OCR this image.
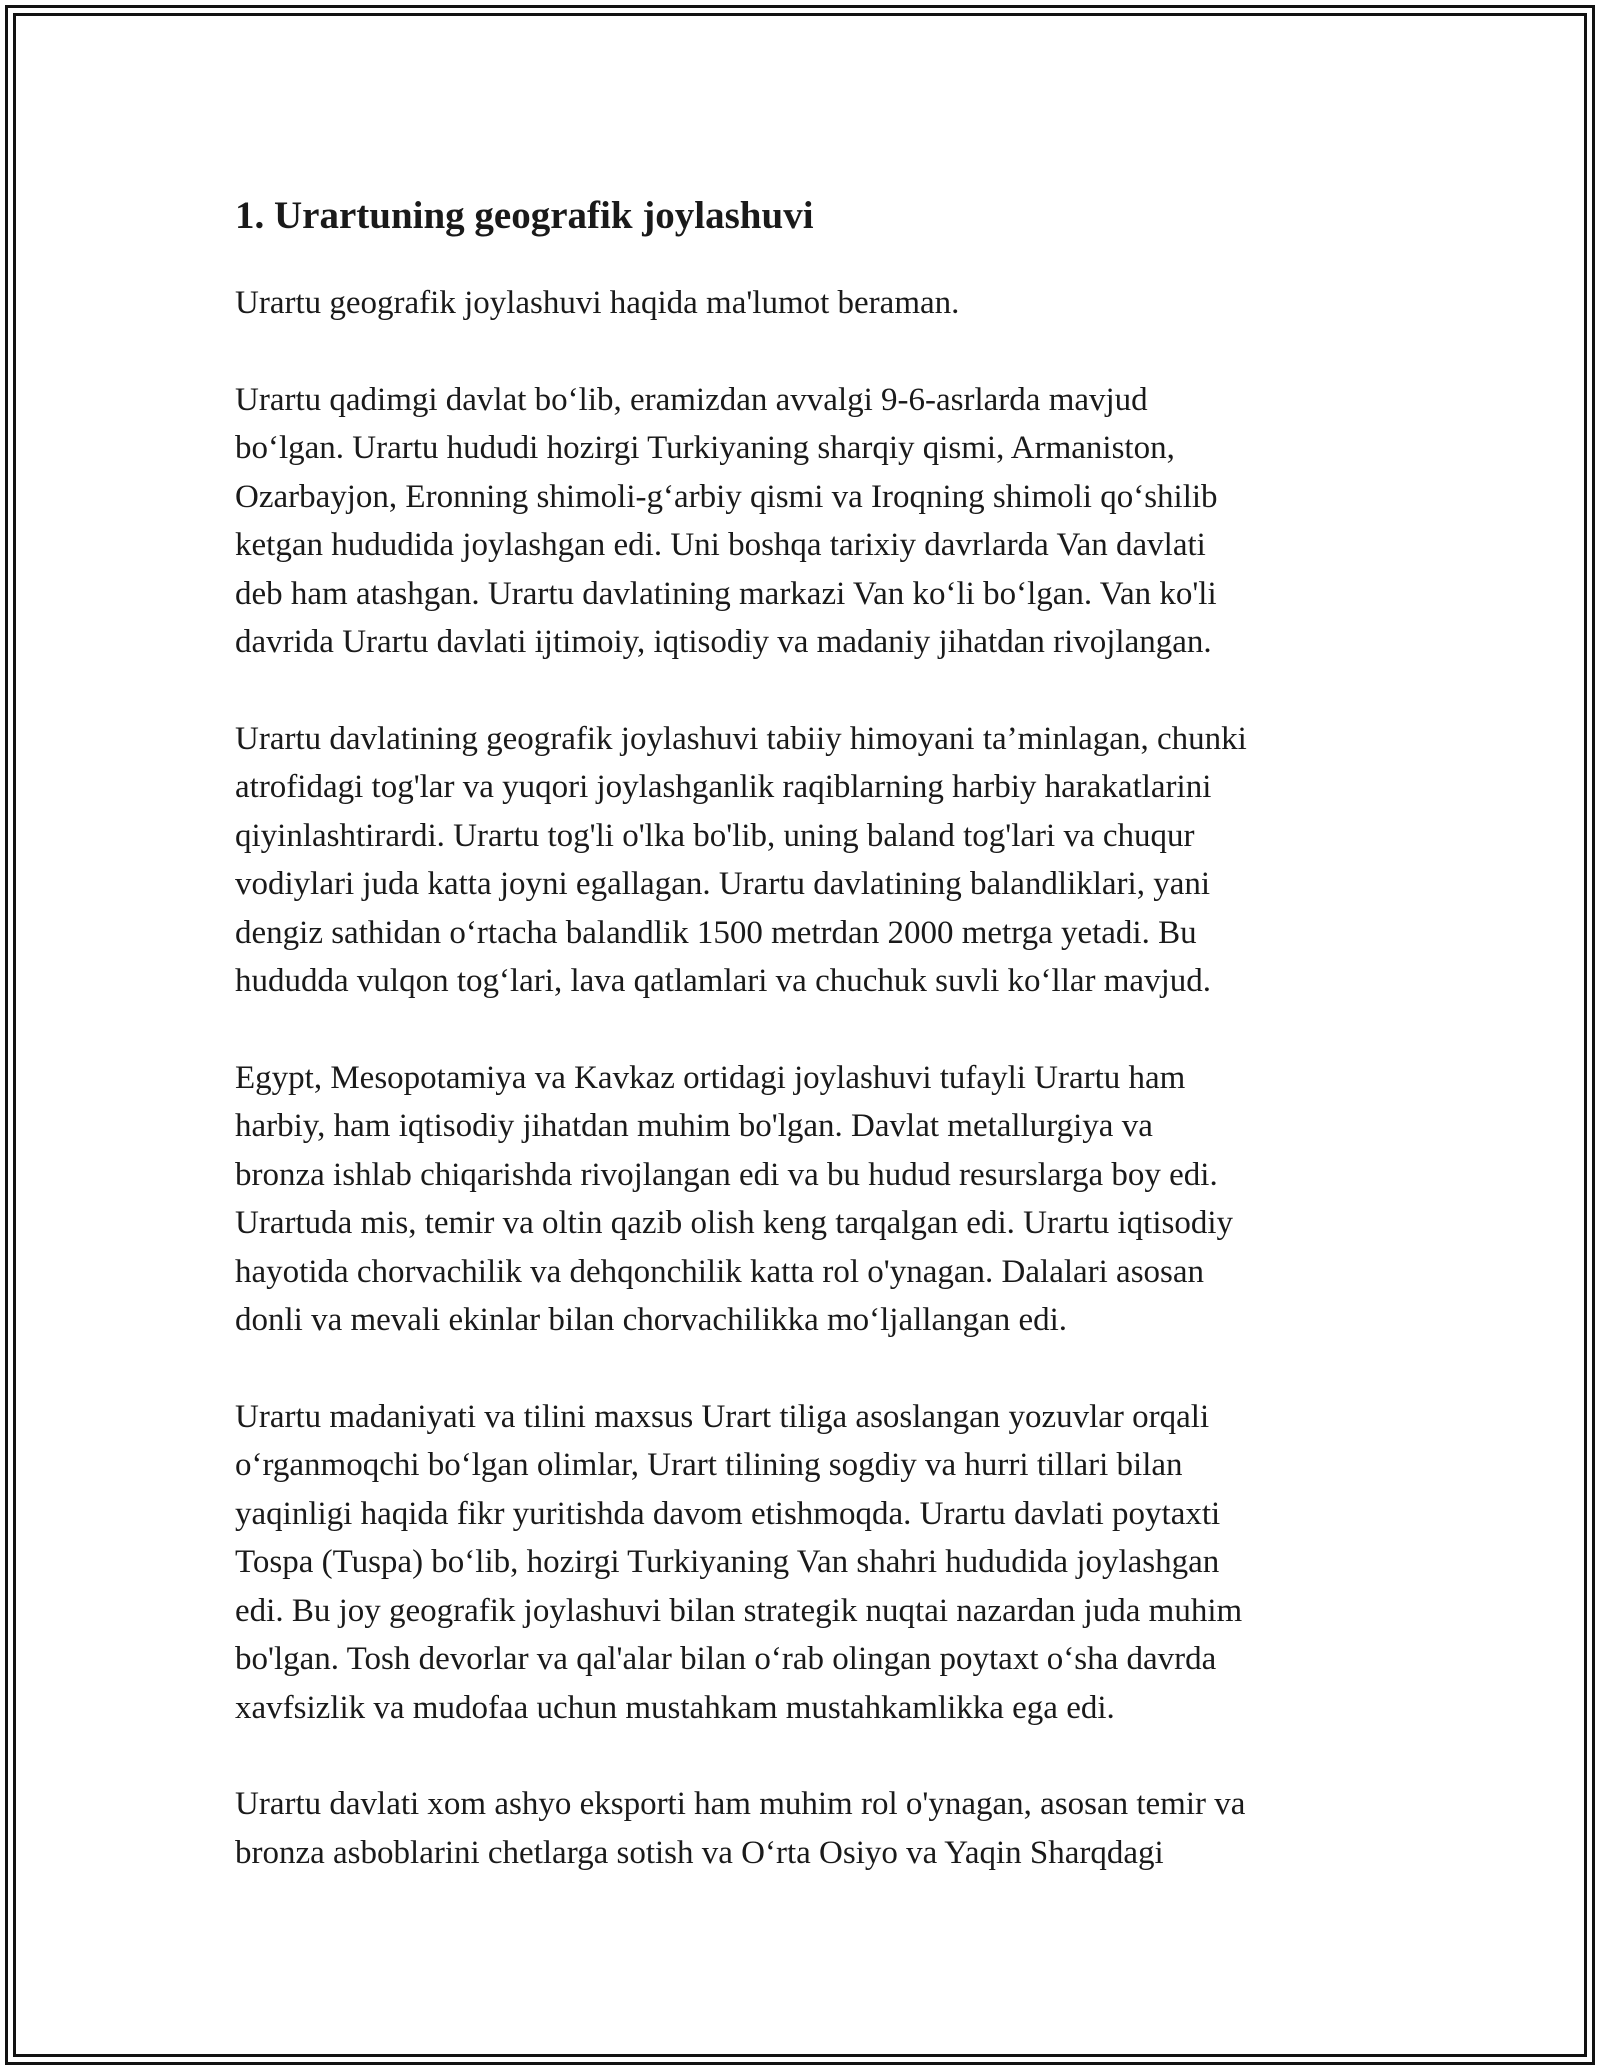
1. Urartuning geografik joylashuvi

Urartu geografik joylashuvi haqida ma'lumot beraman.

Urartu qadimgi davlat bo‘lib, eramizdan avvalgi 9-6-asrlarda mavjud
bo‘lgan. Urartu hududi hozirgi Turkiyaning sharqiy qismi, Armaniston,
Ozarbayjon, Eronning shimoli-g‘arbiy qismi va Iroqning shimoli qo‘shilib
ketgan hududida joylashgan edi. Uni boshqa tarixiy davrlarda Van davlati
deb ham atashgan. Urartu davlatining markazi Van ko‘li bo‘lgan. Van ko'li
davrida Urartu davlati ijtimoiy, iqtisodiy va madaniy jihatdan rivojlangan.

Urartu davlatining geografik joylashuvi tabiiy himoyani ta’minlagan, chunki
atrofidagi tog'lar va yuqori joylashganlik raqiblarning harbiy harakatlarini
qiyinlashtirardi. Urartu tog'li o'lka bo'lib, uning baland tog'lari va chuqur
vodiylari juda katta joyni egallagan. Urartu davlatining balandliklari, yani
dengiz sathidan o‘rtacha balandlik 1500 metrdan 2000 metrga yetadi. Bu
hududda vulqon tog‘lari, lava qatlamlari va chuchuk suvli ko‘llar mavjud.

Egypt, Mesopotamiya va Kavkaz ortidagi joylashuvi tufayli Urartu ham
harbiy, ham iqtisodiy jihatdan muhim bo'lgan. Davlat metallurgiya va
bronza ishlab chiqarishda rivojlangan edi va bu hudud resurslarga boy edi.
Urartuda mis, temir va oltin qazib olish keng tarqalgan edi. Urartu iqtisodiy
hayotida chorvachilik va dehqonchilik katta rol o'ynagan. Dalalari asosan
donli va mevali ekinlar bilan chorvachilikka mo‘ljallangan edi.

Urartu madaniyati va tilini maxsus Urart tiliga asoslangan yozuvlar orqali
o‘rganmoqchi bo‘lgan olimlar, Urart tilining sogdiy va hurri tillari bilan
yaqinligi haqida fikr yuritishda davom etishmoqda. Urartu davlati poytaxti
Tospa (Tuspa) bo‘lib, hozirgi Turkiyaning Van shahri hududida joylashgan
edi. Bu joy geografik joylashuvi bilan strategik nuqtai nazardan juda muhim
bo'lgan. Tosh devorlar va qal'alar bilan o‘rab olingan poytaxt o‘sha davrda
xavfsizlik va mudofaa uchun mustahkam mustahkamlikka ega edi.

Urartu davlati xom ashyo eksporti ham muhim rol o'ynagan, asosan temir va
bronza asboblarini chetlarga sotish va O‘rta Osiyo va Yaqin Sharqdagi
